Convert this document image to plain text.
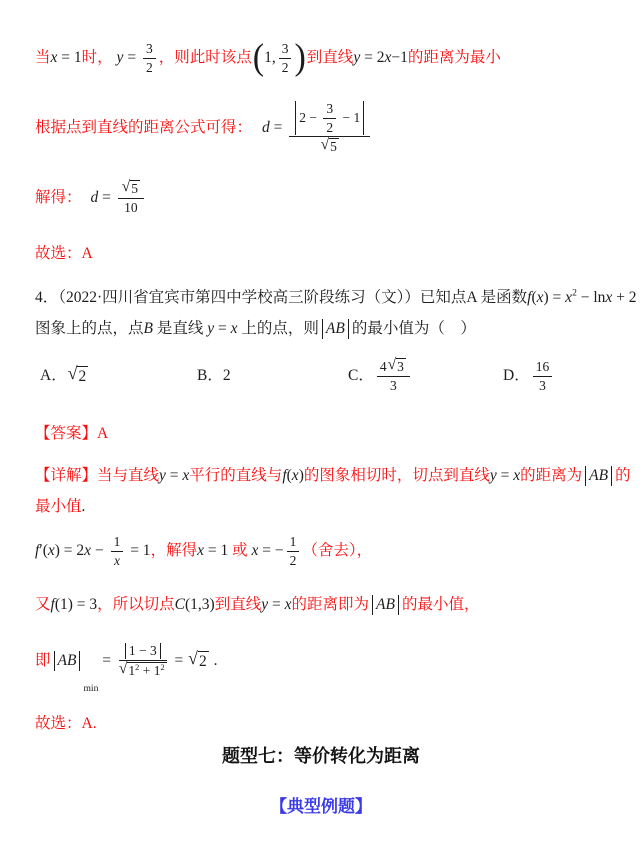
当 x = 1 时，
$y = \frac{3}{2}$ ，则此时该点 ( 1, $\frac{3}{2}$ ) 到直线 y = 2 x −1 的距离为最小
根据点到直线的距离公式可得： $d = \frac{2 - \frac{3}{2} - 1}{√ 5}$
解得： $d = \frac{√ 5}{10}$
故选：A
4．（2022·四川省宜宾市第四中学校高三阶段练习（文））已知点A 是函数 f ( x ) = x 2 − ln x + 2
图象上的点，点 B 是直线 y = x 上的点，则 AB 的最小值为（　）
A． √ 2	B．2	C． $\frac{4 √ 3}{3}$	D． $\frac{16}{3}$
【答案】A
【详解】当与直线 y = x 平行的直线与 f ( x ) 的图象相切时，切点到直线 y = x 的距离为 AB 的
最小值 .
f ′( x ) = 2 $x - \frac{1}{x} = 1$ ，解得 x = 1 或
x = − $\frac{1}{2}$ （舍去），
又 f (1) = 3 ，所以切点 C (1,3) 到直线 y = x 的距离即为 AB 的最小值，
即 AB
min
= $\frac{1 - 3}{√ 1 2 + 1 2}$ = √ 2 .
故选：A.
题型七：等价转化为距离
【典型例题】
